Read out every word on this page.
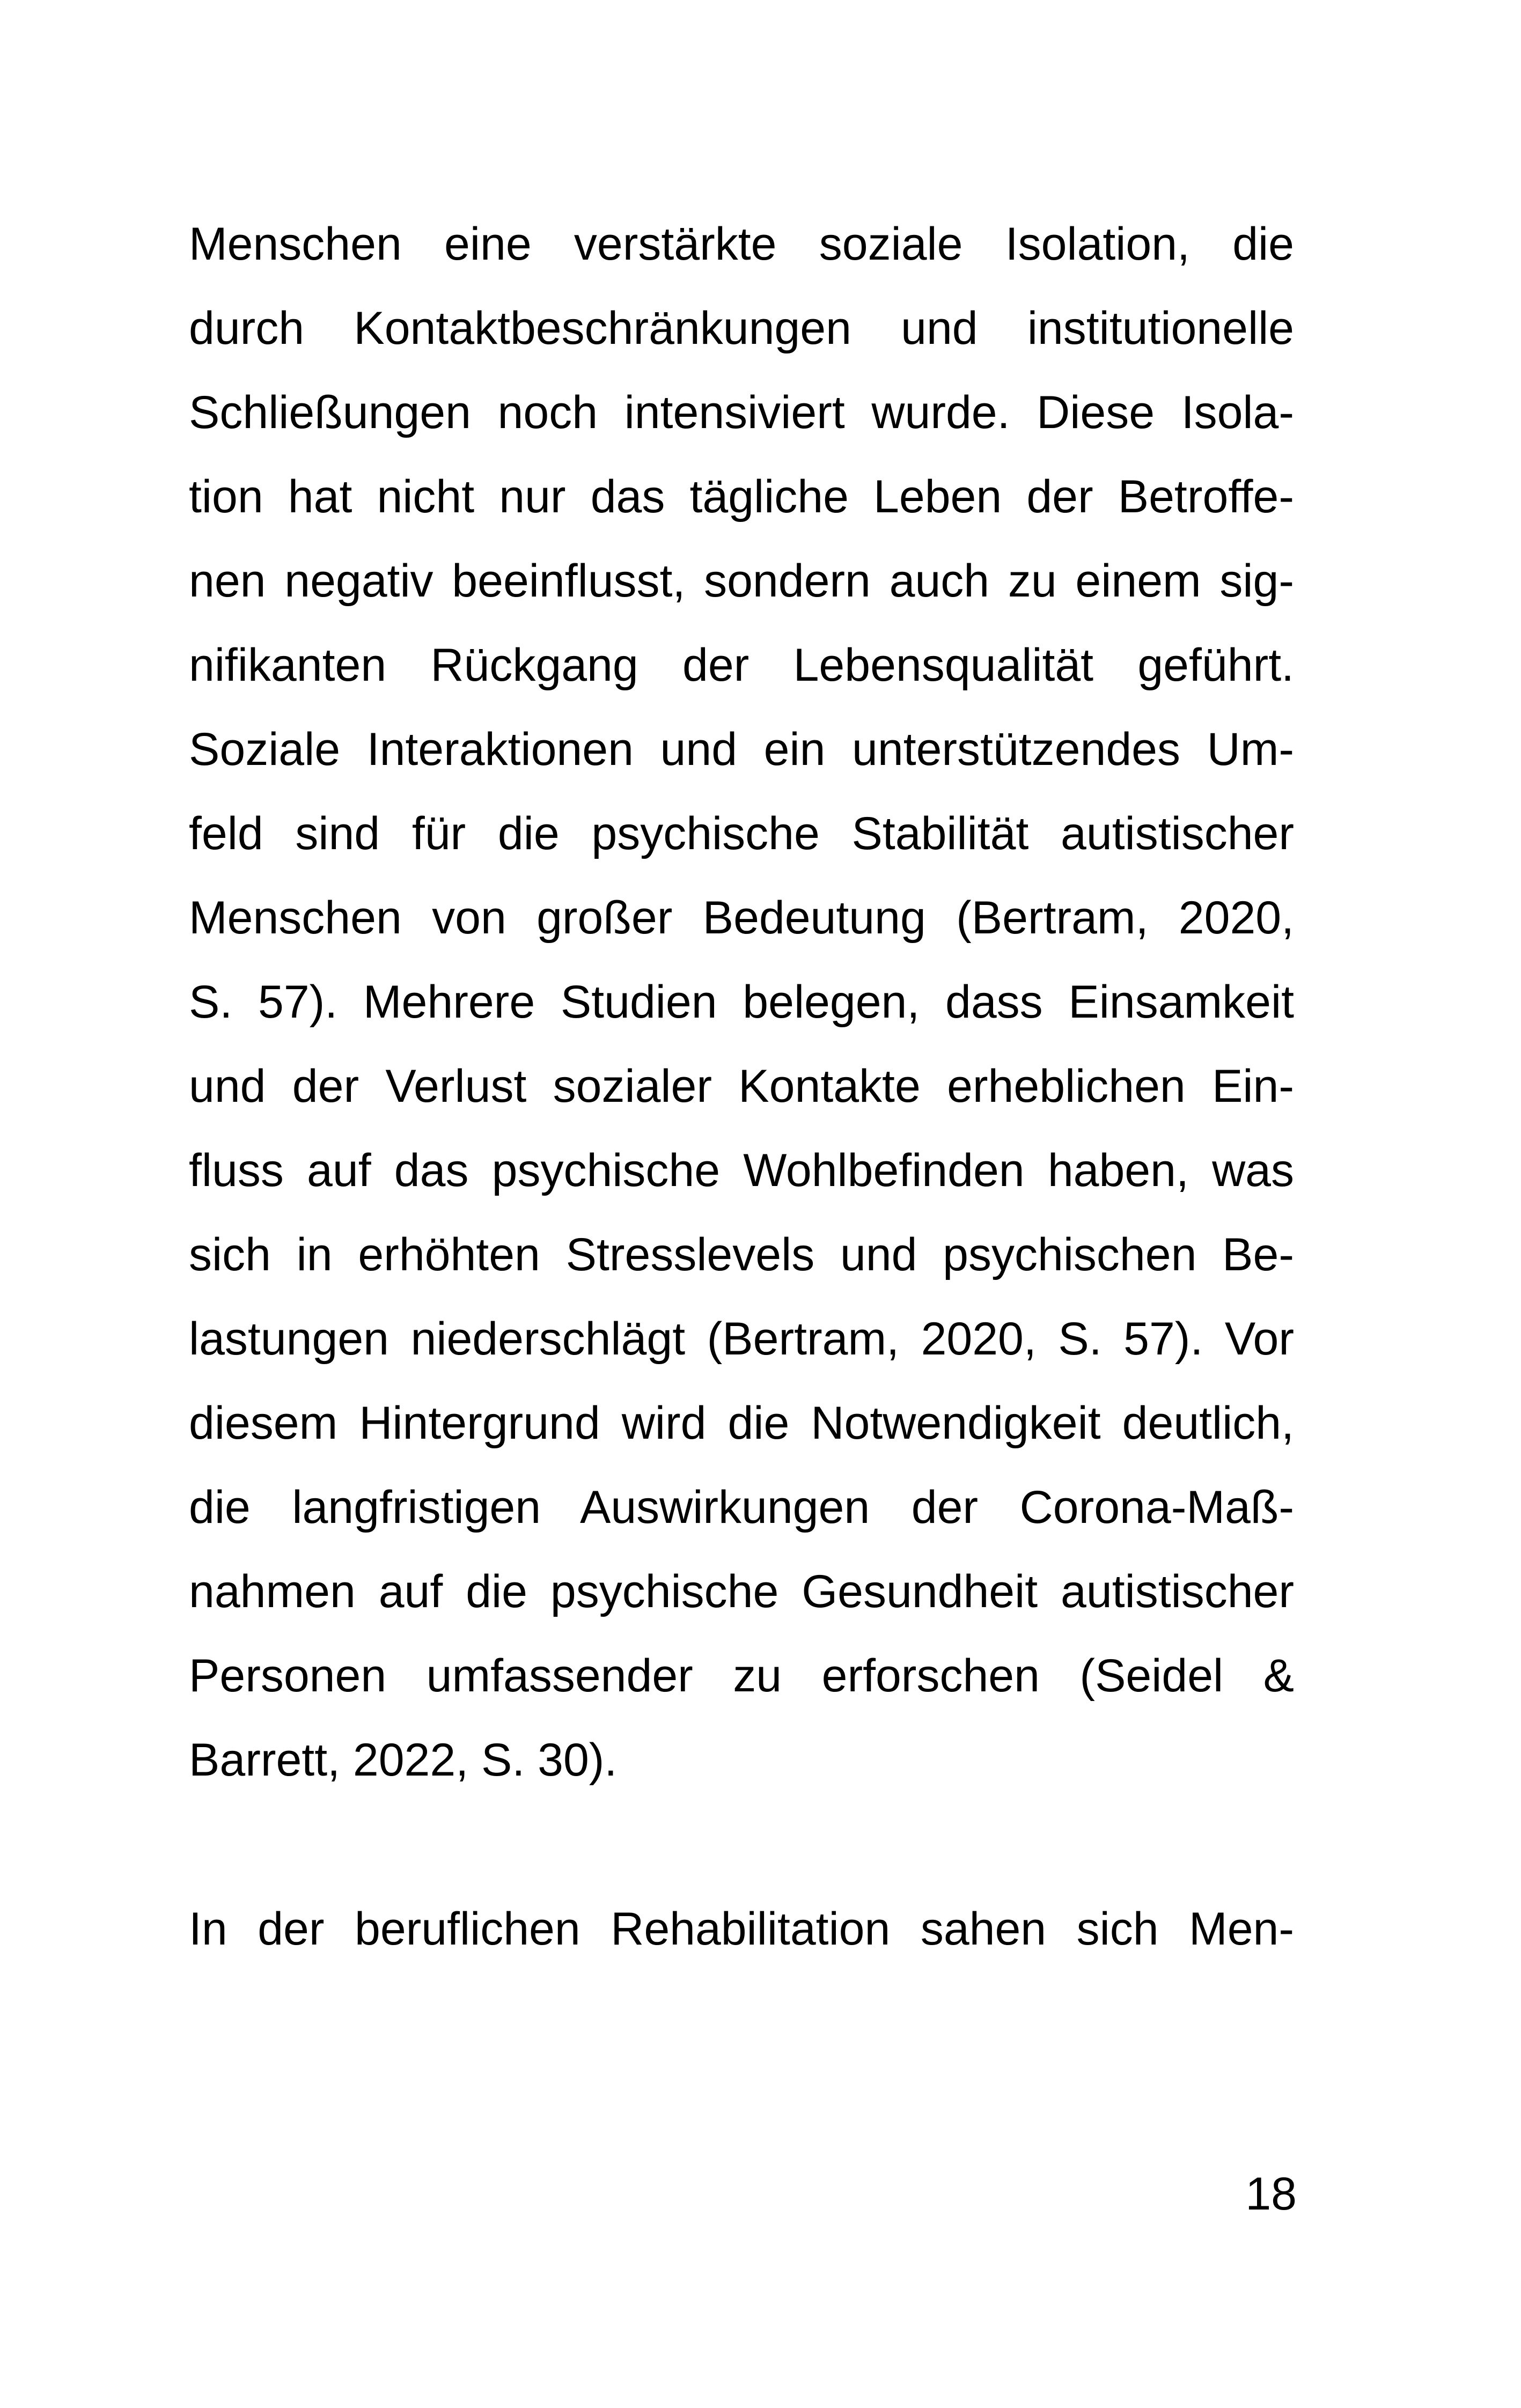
Menschen eine verstärkte soziale Isolation, die
durch Kontaktbeschränkungen und institutionelle
Schließungen noch intensiviert wurde. Diese Isola-
tion hat nicht nur das tägliche Leben der Betroffe-
nen negativ beeinflusst, sondern auch zu einem sig-
nifikanten Rückgang der Lebensqualität geführt.
Soziale Interaktionen und ein unterstützendes Um-
feld sind für die psychische Stabilität autistischer
Menschen von großer Bedeutung (Bertram, 2020,
S. 57). Mehrere Studien belegen, dass Einsamkeit
und der Verlust sozialer Kontakte erheblichen Ein-
fluss auf das psychische Wohlbefinden haben, was
sich in erhöhten Stresslevels und psychischen Be-
lastungen niederschlägt (Bertram, 2020, S. 57). Vor
diesem Hintergrund wird die Notwendigkeit deutlich,
die langfristigen Auswirkungen der Corona-Maß-
nahmen auf die psychische Gesundheit autistischer
Personen umfassender zu erforschen (Seidel &
Barrett, 2022, S. 30).
In der beruflichen Rehabilitation sahen sich Men-
18
